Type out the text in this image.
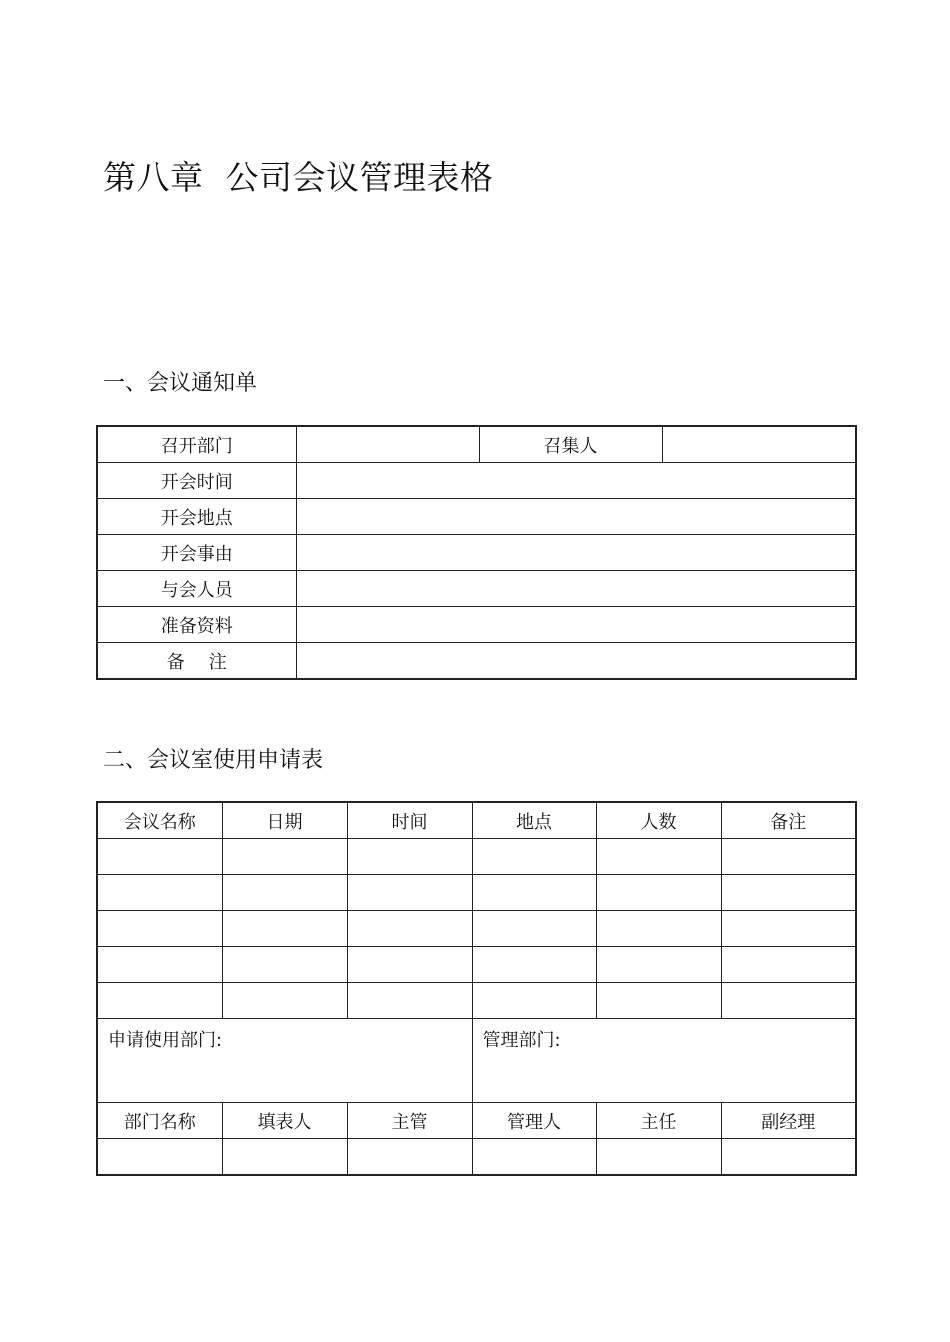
第八章  公司会议管理表格
一、会议通知单
召开部门		召集人	
开会时间			
开会地点			
开会事由			
与会人员			
准备资料			
备注			
二、会议室使用申请表
会议名称	日期	时间	地点	人数	备注

申请使用部门:			管理部门:		
部门名称	填表人	主管	管理人	主任	副经理
